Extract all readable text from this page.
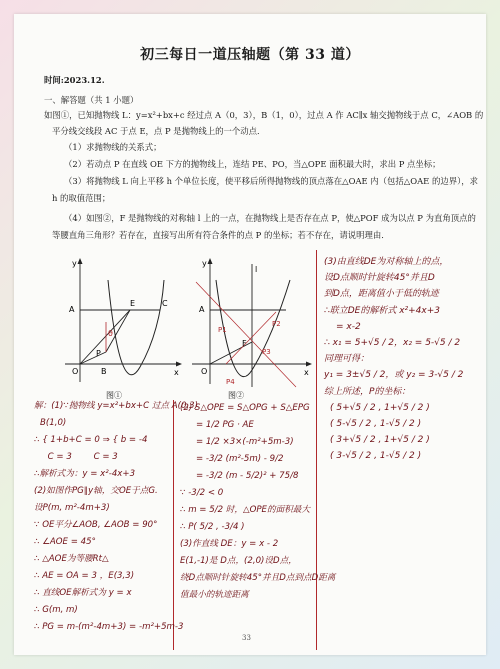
初三每日一道压轴题（第 33 道）
时间:2023.12.
一、解答题（共 1 小题）
如图①，已知抛物线 L：y=x²+bx+c 经过点 A（0，3），B（1，0），过点 A 作 AC∥x 轴交抛物线于点 C，∠AOB 的
平分线交线段 AC 于点 E，点 P 是抛物线上的一个动点．
（1）求抛物线的关系式；
（2）若动点 P 在直线 OE 下方的抛物线上，连结 PE、PO，当△OPE 面积最大时，求出 P 点坐标；
（3）将抛物线 L 向上平移 h 个单位长度，使平移后所得抛物线的顶点落在△OAE 内（包括△OAE 的边界），求
h 的取值范围；
（4）如图②，F 是抛物线的对称轴 l 上的一点，在抛物线上是否存在点 P，使△POF 成为以点 P 为直角顶点的
等腰直角三角形？若存在，直接写出所有符合条件的点 P 的坐标；若不存在，请说明理由．
y
x
A
E	C
P
B
O
θ
图①
y
x
l
P1
P2
P3
P4
F
A
O
图②
(3)由直线DE为对称轴上的点，
设D点顺时针旋转45°并且D
到D点，距离值小于低的轨迹
∴联立DE的解析式 x²+4x+3
= x-2
∴ x₁ = 5+√5 / 2，x₂ = 5-√5 / 2
同理可得：
y₁ = 3±√5 / 2，或 y₂ = 3-√5 / 2
综上所述，P的坐标：
( 5+√5 / 2 , 1+√5 / 2 )
( 5-√5 / 2 , 1-√5 / 2 )
( 3+√5 / 2 , 1+√5 / 2 )
( 3-√5 / 2 , 1-√5 / 2 )
解：(1)∵抛物线 y=x²+bx+C 过点 A(0,3)
B(1,0)
∴ { 1+b+C = 0 ⇒ { b = -4
C = 3        C = 3
∴解析式为：y = x²-4x+3
(2)如图作PG∥y轴，交OE于点G.
设P(m, m²-4m+3)
∵ OE平分∠AOB, ∠AOB = 90°
∴ ∠AOE = 45°
∴ △AOE为等腰Rt△
∴ AE = OA = 3 ，E(3,3)
∴ 直线OE解析式为 y = x
∴ G(m, m)
∴ PG = m-(m²-4m+3) = -m²+5m-3
(2) S△OPE = S△OPG + S△EPG
= 1/2 PG · AE
= 1/2 ×3×(-m²+5m-3)
= -3/2 (m²-5m) - 9/2
= -3/2 (m - 5/2)² + 75/8
∵ -3/2 < 0
∴ m = 5/2 时，△OPE的面积最大
∴ P( 5/2 , -3/4 )
(3)作直线 DE：y = x - 2
E(1,-1)是 D点，(2,0)设D点，
绕D点顺时针旋转45°并且D点到点D距离
值最小的轨迹距离
33
